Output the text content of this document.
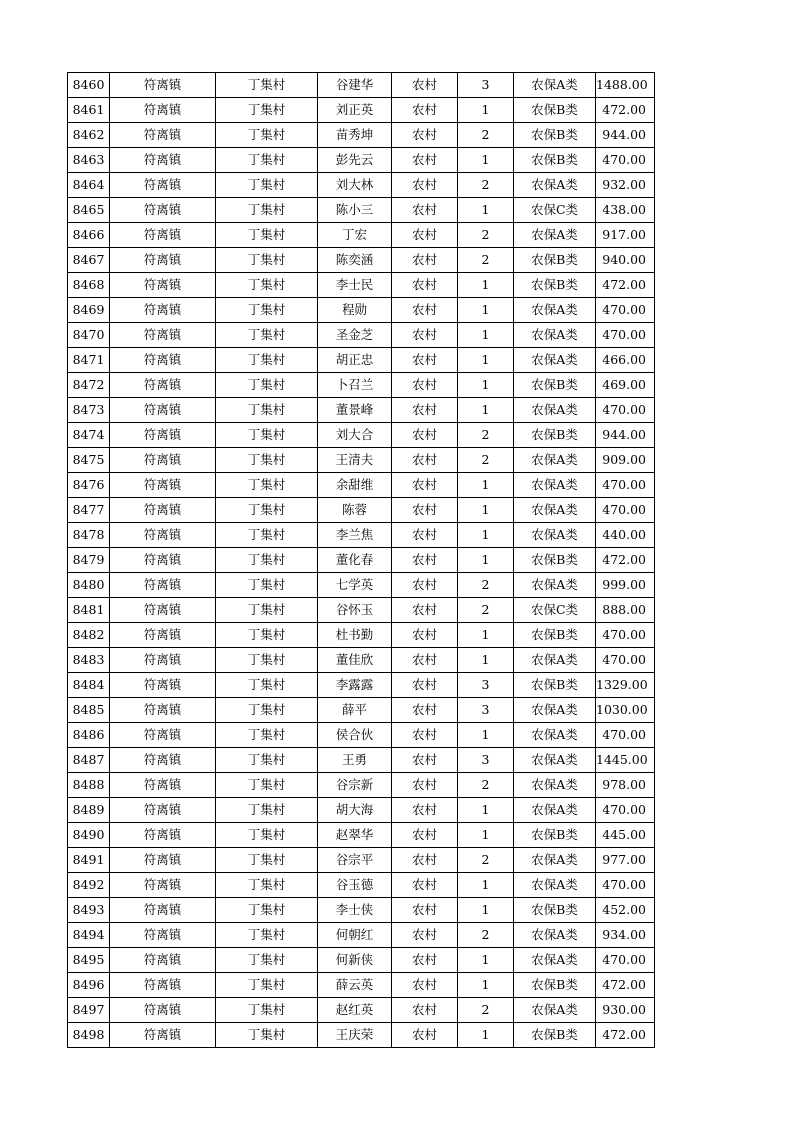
8460	符离镇	丁集村	谷建华	农村	3	农保A类	1488.00
8461	符离镇	丁集村	刘正英	农村	1	农保B类	472.00
8462	符离镇	丁集村	苗秀坤	农村	2	农保B类	944.00
8463	符离镇	丁集村	彭先云	农村	1	农保B类	470.00
8464	符离镇	丁集村	刘大林	农村	2	农保A类	932.00
8465	符离镇	丁集村	陈小三	农村	1	农保C类	438.00
8466	符离镇	丁集村	丁宏	农村	2	农保A类	917.00
8467	符离镇	丁集村	陈奕涵	农村	2	农保B类	940.00
8468	符离镇	丁集村	李士民	农村	1	农保B类	472.00
8469	符离镇	丁集村	程勋	农村	1	农保A类	470.00
8470	符离镇	丁集村	圣金芝	农村	1	农保A类	470.00
8471	符离镇	丁集村	胡正忠	农村	1	农保A类	466.00
8472	符离镇	丁集村	卜召兰	农村	1	农保B类	469.00
8473	符离镇	丁集村	董景峰	农村	1	农保A类	470.00
8474	符离镇	丁集村	刘大合	农村	2	农保B类	944.00
8475	符离镇	丁集村	王清夫	农村	2	农保A类	909.00
8476	符离镇	丁集村	余甜维	农村	1	农保A类	470.00
8477	符离镇	丁集村	陈蓉	农村	1	农保A类	470.00
8478	符离镇	丁集村	李兰焦	农村	1	农保A类	440.00
8479	符离镇	丁集村	董化春	农村	1	农保B类	472.00
8480	符离镇	丁集村	七学英	农村	2	农保A类	999.00
8481	符离镇	丁集村	谷怀玉	农村	2	农保C类	888.00
8482	符离镇	丁集村	杜书勤	农村	1	农保B类	470.00
8483	符离镇	丁集村	董佳欣	农村	1	农保A类	470.00
8484	符离镇	丁集村	李露露	农村	3	农保B类	1329.00
8485	符离镇	丁集村	薛平	农村	3	农保A类	1030.00
8486	符离镇	丁集村	侯合伙	农村	1	农保A类	470.00
8487	符离镇	丁集村	王勇	农村	3	农保A类	1445.00
8488	符离镇	丁集村	谷宗新	农村	2	农保A类	978.00
8489	符离镇	丁集村	胡大海	农村	1	农保A类	470.00
8490	符离镇	丁集村	赵翠华	农村	1	农保B类	445.00
8491	符离镇	丁集村	谷宗平	农村	2	农保A类	977.00
8492	符离镇	丁集村	谷玉德	农村	1	农保A类	470.00
8493	符离镇	丁集村	李士侠	农村	1	农保B类	452.00
8494	符离镇	丁集村	何朝红	农村	2	农保A类	934.00
8495	符离镇	丁集村	何新侠	农村	1	农保A类	470.00
8496	符离镇	丁集村	薛云英	农村	1	农保B类	472.00
8497	符离镇	丁集村	赵红英	农村	2	农保A类	930.00
8498	符离镇	丁集村	王庆荣	农村	1	农保B类	472.00
